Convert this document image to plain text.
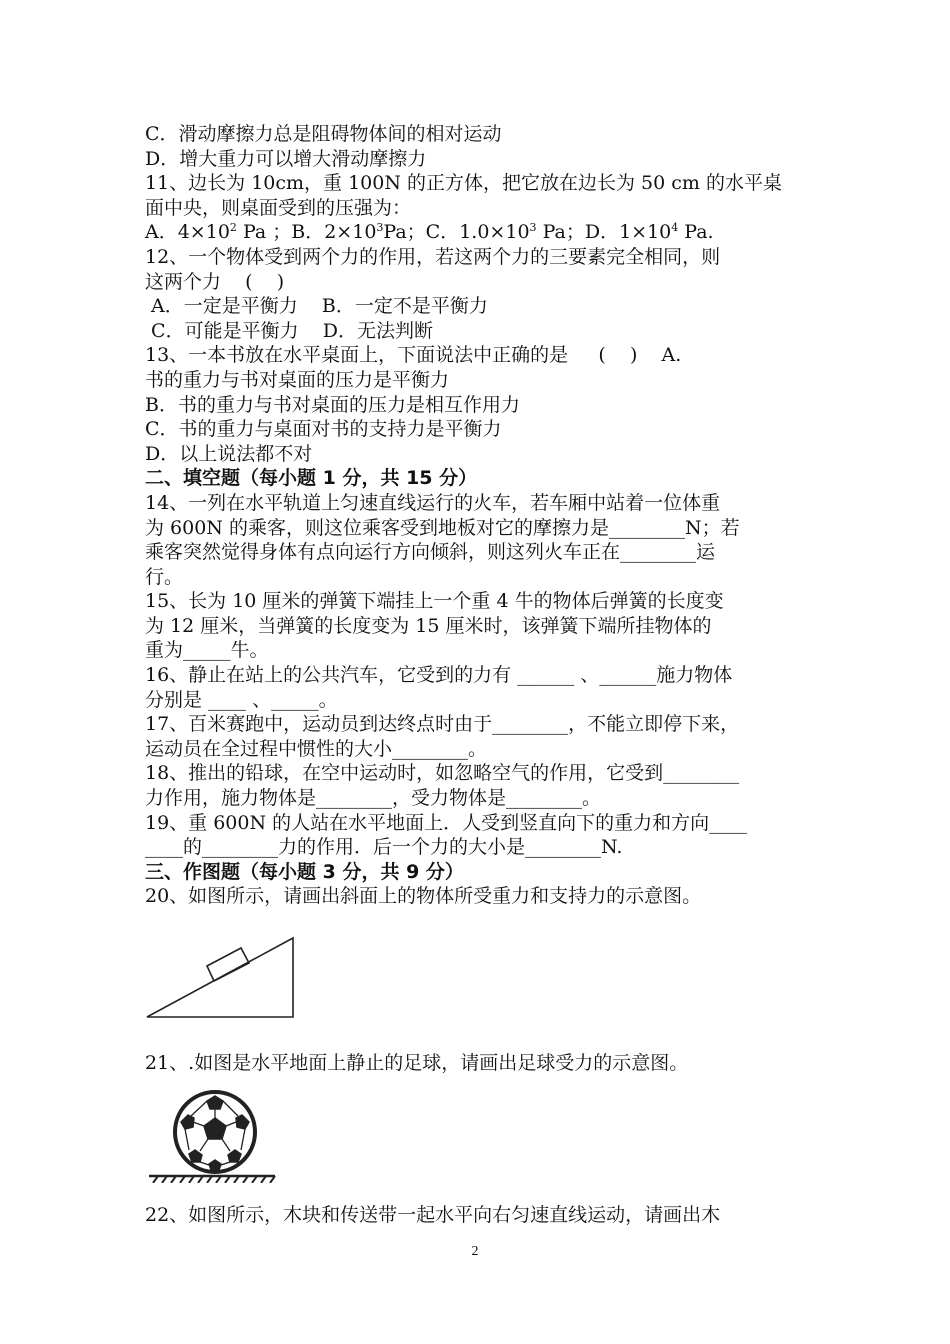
C．滑动摩擦力总是阻碍物体间的相对运动

D．增大重力可以增大滑动摩擦力

11、边长为 10cm，重 100N 的正方体，把它放在边长为 50 cm 的水平桌

面中央，则桌面受到的压强为：

A．$4\times 10^2$ Pa ；B．$2\times 10^3Pa$；C．$1.0\times 10^3$ Pa；D．$1\times 10^4$ Pa.

12、一个物体受到两个力的作用，若这两个力的三要素完全相同，则

这两个力    (    )

A．一定是平衡力    B．一定不是平衡力

C．可能是平衡力    D．无法判断

13、一本书放在水平桌面上，下面说法中正确的是     (    )    A.

书的重力与书对桌面的压力是平衡力

B．书的重力与书对桌面的压力是相互作用力

C．书的重力与桌面对书的支持力是平衡力

D．以上说法都不对

二、填空题（每小题 1 分，共 15 分）

14、一列在水平轨道上匀速直线运行的火车，若车厢中站着一位体重

为 600N 的乘客，则这位乘客受到地板对它的摩擦力是________N；若

乘客突然觉得身体有点向运行方向倾斜，则这列火车正在________运

行。

15、长为 10 厘米的弹簧下端挂上一个重 4 牛的物体后弹簧的长度变

为 12 厘米，当弹簧的长度变为 15 厘米时，该弹簧下端所挂物体的

重为_____牛。

16、静止在站上的公共汽车，它受到的力有 ______ 、______施力物体

分别是 ____ 、_____。

17、百米赛跑中，运动员到达终点时由于________，不能立即停下来，

运动员在全过程中惯性的大小________。

18、推出的铅球，在空中运动时，如忽略空气的作用，它受到________

力作用，施力物体是________，受力物体是________。

19、重 600N 的人站在水平地面上．人受到竖直向下的重力和方向____

____的________力的作用．后一个力的大小是________N.

三、作图题（每小题 3 分，共 9 分）

20、如图所示，请画出斜面上的物体所受重力和支持力的示意图。

21、.如图是水平地面上静止的足球，请画出足球受力的示意图。

22、如图所示，木块和传送带一起水平向右匀速直线运动，请画出木

2
